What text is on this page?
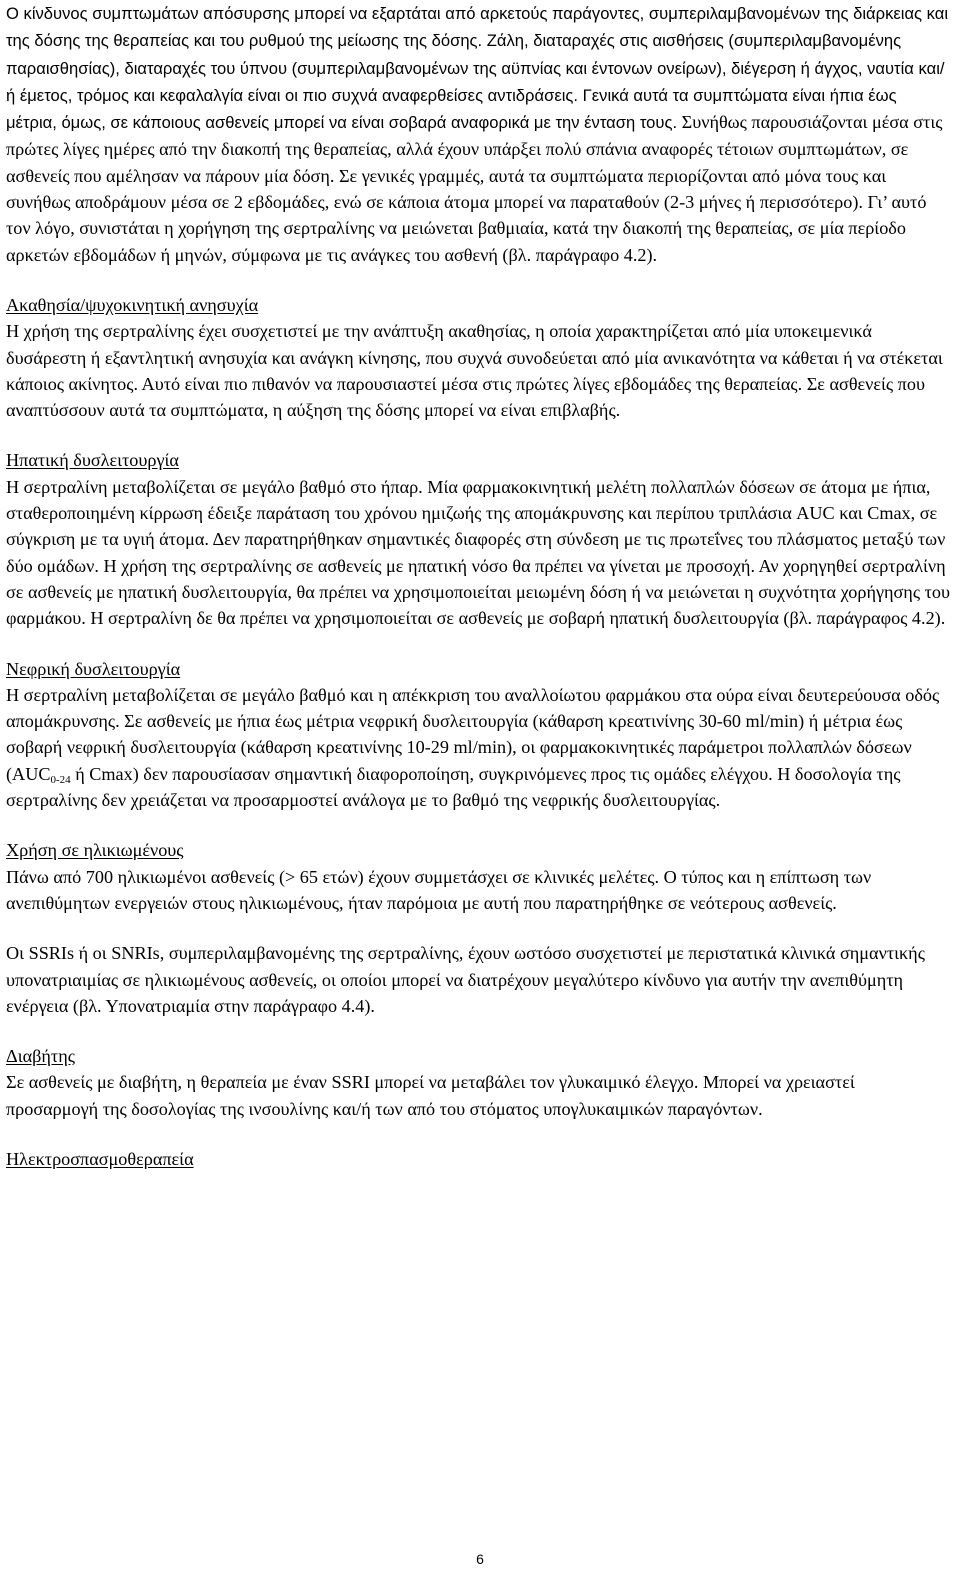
Ο κίνδυνος συμπτωμάτων απόσυρσης μπορεί να εξαρτάται από αρκετούς παράγοντες, συμπεριλαμβανομένων της διάρκειας και της δόσης της θεραπείας και του ρυθμού της μείωσης της δόσης. Ζάλη, διαταραχές στις αισθήσεις (συμπεριλαμβανομένης παραισθησίας), διαταραχές του ύπνου (συμπεριλαμβανομένων της αϋπνίας και έντονων ονείρων), διέγερση ή άγχος, ναυτία και/ή έμετος, τρόμος και κεφαλαλγία είναι οι πιο συχνά αναφερθείσες αντιδράσεις. Γενικά αυτά τα συμπτώματα είναι ήπια έως μέτρια, όμως, σε κάποιους ασθενείς μπορεί να είναι σοβαρά αναφορικά με την ένταση τους. Συνήθως παρουσιάζονται μέσα στις πρώτες λίγες ημέρες από την διακοπή της θεραπείας, αλλά έχουν υπάρξει πολύ σπάνια αναφορές τέτοιων συμπτωμάτων, σε ασθενείς που αμέλησαν να πάρουν μία δόση. Σε γενικές γραμμές, αυτά τα συμπτώματα περιορίζονται από μόνα τους και συνήθως αποδράμουν μέσα σε 2 εβδομάδες, ενώ σε κάποια άτομα μπορεί να παραταθούν (2-3 μήνες ή περισσότερο). Γι’ αυτό τον λόγο, συνιστάται η χορήγηση της σερτραλίνης να μειώνεται βαθμιαία, κατά την διακοπή της θεραπείας, σε μία περίοδο αρκετών εβδομάδων ή μηνών, σύμφωνα με τις ανάγκες του ασθενή (βλ. παράγραφο 4.2).

Ακαθησία/ψυχοκινητική ανησυχία
Η χρήση της σερτραλίνης έχει συσχετιστεί με την ανάπτυξη ακαθησίας, η οποία χαρακτηρίζεται από μία υποκειμενικά δυσάρεστη ή εξαντλητική ανησυχία και ανάγκη κίνησης, που συχνά συνοδεύεται από μία ανικανότητα να κάθεται ή να στέκεται κάποιος ακίνητος. Αυτό είναι πιο πιθανόν να παρουσιαστεί μέσα στις πρώτες λίγες εβδομάδες της θεραπείας. Σε ασθενείς που αναπτύσσουν αυτά τα συμπτώματα, η αύξηση της δόσης μπορεί να είναι επιβλαβής.

Ηπατική δυσλειτουργία
Η σερτραλίνη μεταβολίζεται σε μεγάλο βαθμό στο ήπαρ. Μία φαρμακοκινητική μελέτη πολλαπλών δόσεων σε άτομα με ήπια, σταθεροποιημένη κίρρωση έδειξε παράταση του χρόνου ημιζωής της απομάκρυνσης και περίπου τριπλάσια AUC και Cmax, σε σύγκριση με τα υγιή άτομα. Δεν παρατηρήθηκαν σημαντικές διαφορές στη σύνδεση με τις πρωτεΐνες του πλάσματος μεταξύ των δύο ομάδων. Η χρήση της σερτραλίνης σε ασθενείς με ηπατική νόσο θα πρέπει να γίνεται με προσοχή. Αν χορηγηθεί σερτραλίνη σε ασθενείς με ηπατική δυσλειτουργία, θα πρέπει να χρησιμοποιείται μειωμένη δόση ή να μειώνεται η συχνότητα χορήγησης του φαρμάκου. Η σερτραλίνη δε θα πρέπει να χρησιμοποιείται σε ασθενείς με σοβαρή ηπατική δυσλειτουργία (βλ. παράγραφος 4.2).

Νεφρική δυσλειτουργία
Η σερτραλίνη μεταβολίζεται σε μεγάλο βαθμό και η απέκκριση του αναλλοίωτου φαρμάκου στα ούρα είναι δευτερεύουσα οδός απομάκρυνσης. Σε ασθενείς με ήπια έως μέτρια νεφρική δυσλειτουργία (κάθαρση κρεατινίνης 30-60 ml/min) ή μέτρια έως σοβαρή νεφρική δυσλειτουργία (κάθαρση κρεατινίνης 10-29 ml/min), οι φαρμακοκινητικές παράμετροι πολλαπλών δόσεων ($AUC_{0-24}$ ή Cmax) δεν παρουσίασαν σημαντική διαφοροποίηση, συγκρινόμενες προς τις ομάδες ελέγχου. Η δοσολογία της σερτραλίνης δεν χρειάζεται να προσαρμοστεί ανάλογα με το βαθμό της νεφρικής δυσλειτουργίας.

Χρήση σε ηλικιωμένους
Πάνω από 700 ηλικιωμένοι ασθενείς (> 65 ετών) έχουν συμμετάσχει σε κλινικές μελέτες. Ο τύπος και η επίπτωση των ανεπιθύμητων ενεργειών στους ηλικιωμένους, ήταν παρόμοια με αυτή που παρατηρήθηκε σε νεότερους ασθενείς.

Οι SSRIs ή οι SNRIs, συμπεριλαμβανομένης της σερτραλίνης, έχουν ωστόσο συσχετιστεί με περιστατικά κλινικά σημαντικής υπονατριαιμίας σε ηλικιωμένους ασθενείς, οι οποίοι μπορεί να διατρέχουν μεγαλύτερο κίνδυνο για αυτήν την ανεπιθύμητη ενέργεια (βλ. Υπονατριαμία στην παράγραφο 4.4).

Διαβήτης
Σε ασθενείς με διαβήτη, η θεραπεία με έναν SSRI μπορεί να μεταβάλει τον γλυκαιμικό έλεγχο. Μπορεί να χρειαστεί προσαρμογή της δοσολογίας της ινσουλίνης και/ή των από του στόματος υπογλυκαιμικών παραγόντων.

Ηλεκτροσπασμοθεραπεία

6
